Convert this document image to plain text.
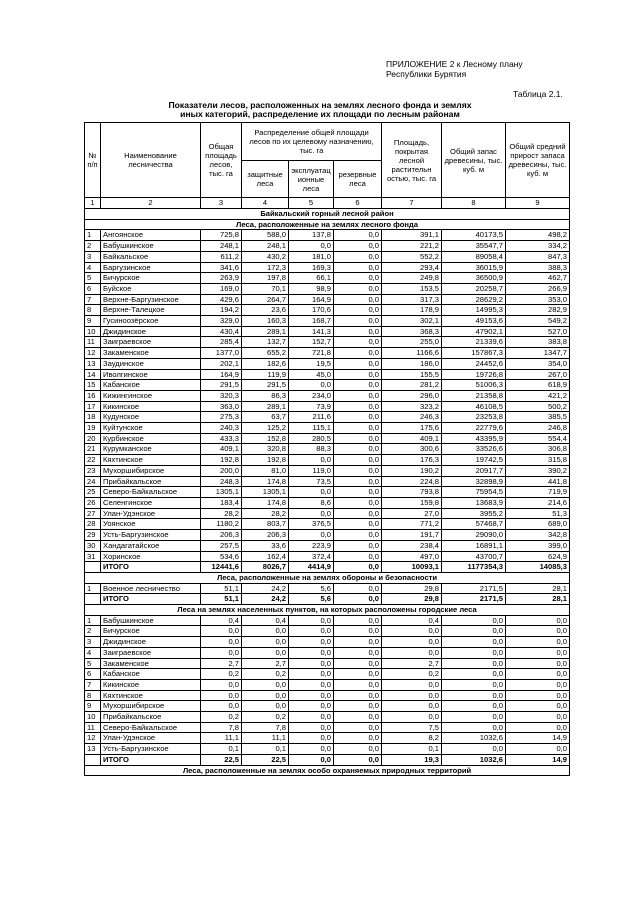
ПРИЛОЖЕНИЕ 2 к Лесному плану
Республики Бурятия
Таблица 2.1.
Показатели лесов, расположенных на землях лесного фонда и землях
иных категорий, распределение их площади по лесным районам
№ п/п	Наименование лесничества	Общая площадь лесов, тыс. га	Распределение общей площади лесов по их целевому назначению, тыс. га			Площадь, покрытая лесной растительн остью, тыс. га	Общий запас древесины, тыс. куб. м	Общий средний прирост запаса древесины, тыс. куб. м
			защитные леса	эксплуатац ионные леса	резервные леса			
1	2	3	4	5	6	7	8	9
Байкальский горный лесной район								
Леса, расположенные на землях лесного фонда								
1	Ангоянское	725,8	588,0	137,8	0,0	391,1	40173,5	498,2
2	Бабушкинское	248,1	248,1	0,0	0,0	221,2	35547,7	334,2
3	Байкальское	611,2	430,2	181,0	0,0	552,2	89058,4	847,3
4	Баргузинское	341,6	172,3	169,3	0,0	293,4	36015,9	388,3
5	Бичурское	263,9	197,8	66,1	0,0	249,8	36500,9	462,7
6	Буйское	169,0	70,1	98,9	0,0	153,5	20258,7	266,9
7	Верхне-Баргузинское	429,6	264,7	164,9	0,0	317,3	28629,2	353,0
8	Верхне-Талецкое	194,2	23,6	170,6	0,0	178,9	14995,3	282,9
9	Гусиноозёрское	329,0	160,3	168,7	0,0	302,1	49153,6	549,2
10	Джидинское	430,4	289,1	141,3	0,0	368,3	47902,1	527,0
11	Заиграевское	285,4	132,7	152,7	0,0	255,0	21339,6	383,8
12	Закаменское	1377,0	655,2	721,8	0,0	1166,6	157867,3	1347,7
13	Заудинское	202,1	182,6	19,5	0,0	186,0	24452,6	354,0
14	Иволгинское	164,9	119,9	45,0	0,0	155,5	19726,8	267,0
15	Кабанское	291,5	291,5	0,0	0,0	281,2	51006,3	618,9
16	Кижингинское	320,3	86,3	234,0	0,0	296,0	21358,8	421,2
17	Кикинское	363,0	289,1	73,9	0,0	323,2	46108,5	500,2
18	Кудунское	275,3	63,7	211,6	0,0	246,3	23253,8	385,5
19	Куйтунское	240,3	125,2	115,1	0,0	175,6	22779,6	246,8
20	Курбинское	433,3	152,8	280,5	0,0	409,1	43395,9	554,4
21	Курумканское	409,1	320,8	88,3	0,0	300,6	33526,6	306,8
22	Кяхтинское	192,8	192,8	0,0	0,0	176,3	19742,5	315,8
23	Мухоршибирское	200,0	81,0	119,0	0,0	190,2	20917,7	390,2
24	Прибайкальское	248,3	174,8	73,5	0,0	224,8	32898,9	441,8
25	Северо-Байкальское	1305,1	1305,1	0,0	0,0	793,8	75954,5	719,9
26	Селенгинское	183,4	174,8	8,6	0,0	159,8	13683,9	214,6
27	Улан-Удэнское	28,2	28,2	0,0	0,0	27,0	3955,2	51,3
28	Уоянское	1180,2	803,7	376,5	0,0	771,2	57468,7	689,0
29	Усть-Баргузинское	206,3	206,3	0,0	0,0	191,7	29090,0	342,8
30	Хандагатайское	257,5	33,6	223,9	0,0	238,4	16891,1	399,0
31	Хоринское	534,6	162,4	372,4	0,0	497,0	43700,7	624,9
	ИТОГО	12441,6	8026,7	4414,9	0,0	10093,1	1177354,3	14085,3
Леса, расположенные на землях обороны и безопасности								
1	Военное лесничество	51,1	24,2	5,6	0,0	29,8	2171,5	28,1
	ИТОГО	51,1	24,2	5,6	0,0	29,8	2171,5	28,1
Леса на землях населенных пунктов, на которых расположены городские леса								
1	Бабушкинское	0,4	0,4	0,0	0,0	0,4	0,0	0,0
2	Бичурское	0,0	0,0	0,0	0,0	0,0	0,0	0,0
3	Джидинское	0,0	0,0	0,0	0,0	0,0	0,0	0,0
4	Заиграевское	0,0	0,0	0,0	0,0	0,0	0,0	0,0
5	Закаменское	2,7	2,7	0,0	0,0	2,7	0,0	0,0
6	Кабанское	0,2	0,2	0,0	0,0	0,2	0,0	0,0
7	Кикинское	0,0	0,0	0,0	0,0	0,0	0,0	0,0
8	Кяхтинское	0,0	0,0	0,0	0,0	0,0	0,0	0,0
9	Мухоршибирское	0,0	0,0	0,0	0,0	0,0	0,0	0,0
10	Прибайкальское	0,2	0,2	0,0	0,0	0,0	0,0	0,0
11	Северо-Байкальское	7,8	7,8	0,0	0,0	7,5	0,0	0,0
12	Улан-Удэнское	11,1	11,1	0,0	0,0	8,2	1032,6	14,9
13	Усть-Баргузинское	0,1	0,1	0,0	0,0	0,1	0,0	0,0
	ИТОГО	22,5	22,5	0,0	0,0	19,3	1032,6	14,9
Леса, расположенные на землях особо охраняемых природных территорий								
